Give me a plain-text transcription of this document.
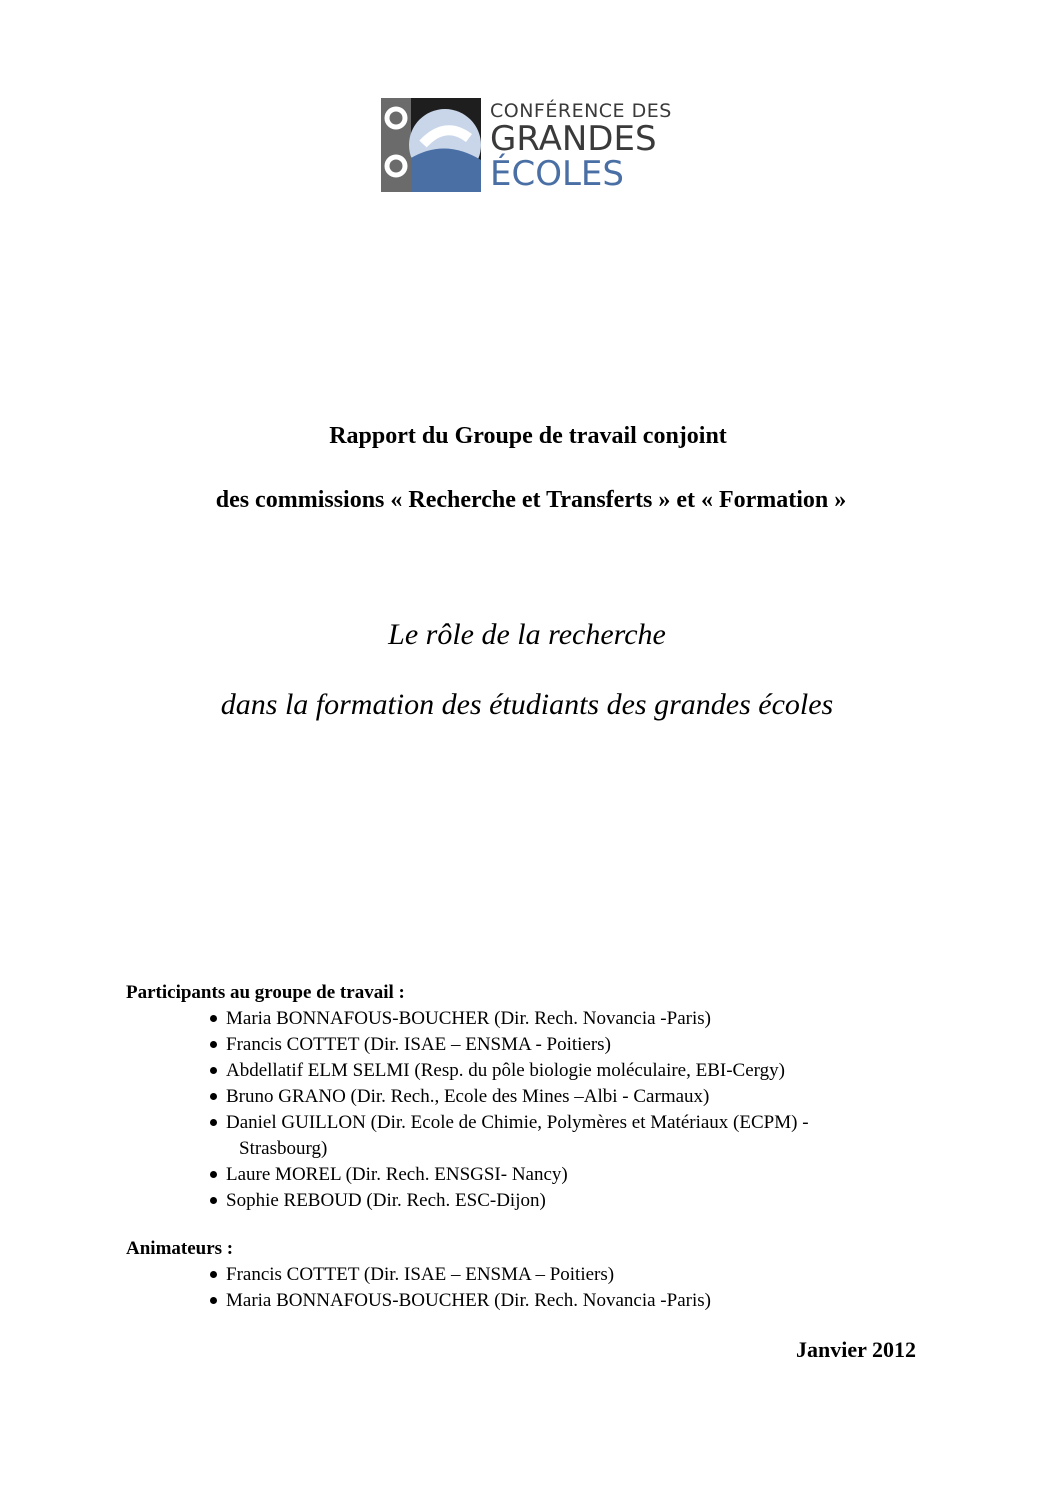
CONFÉRENCE DES
GRANDES
ÉCOLES
Rapport du Groupe de travail conjoint
des commissions « Recherche et Transferts » et « Formation »
Le rôle de la recherche
dans la formation des étudiants des grandes écoles
Participants au groupe de travail :
Maria BONNAFOUS-BOUCHER (Dir. Rech. Novancia -Paris)
Francis COTTET (Dir. ISAE – ENSMA - Poitiers)
Abdellatif ELM SELMI (Resp. du pôle biologie moléculaire, EBI-Cergy)
Bruno GRANO (Dir. Rech., Ecole des Mines –Albi - Carmaux)
Daniel GUILLON (Dir. Ecole de Chimie, Polymères et Matériaux (ECPM) -
Strasbourg)
Laure MOREL (Dir. Rech. ENSGSI- Nancy)
Sophie REBOUD (Dir. Rech. ESC-Dijon)
Animateurs :
Francis COTTET (Dir. ISAE – ENSMA – Poitiers)
Maria BONNAFOUS-BOUCHER (Dir. Rech. Novancia -Paris)
Janvier 2012
